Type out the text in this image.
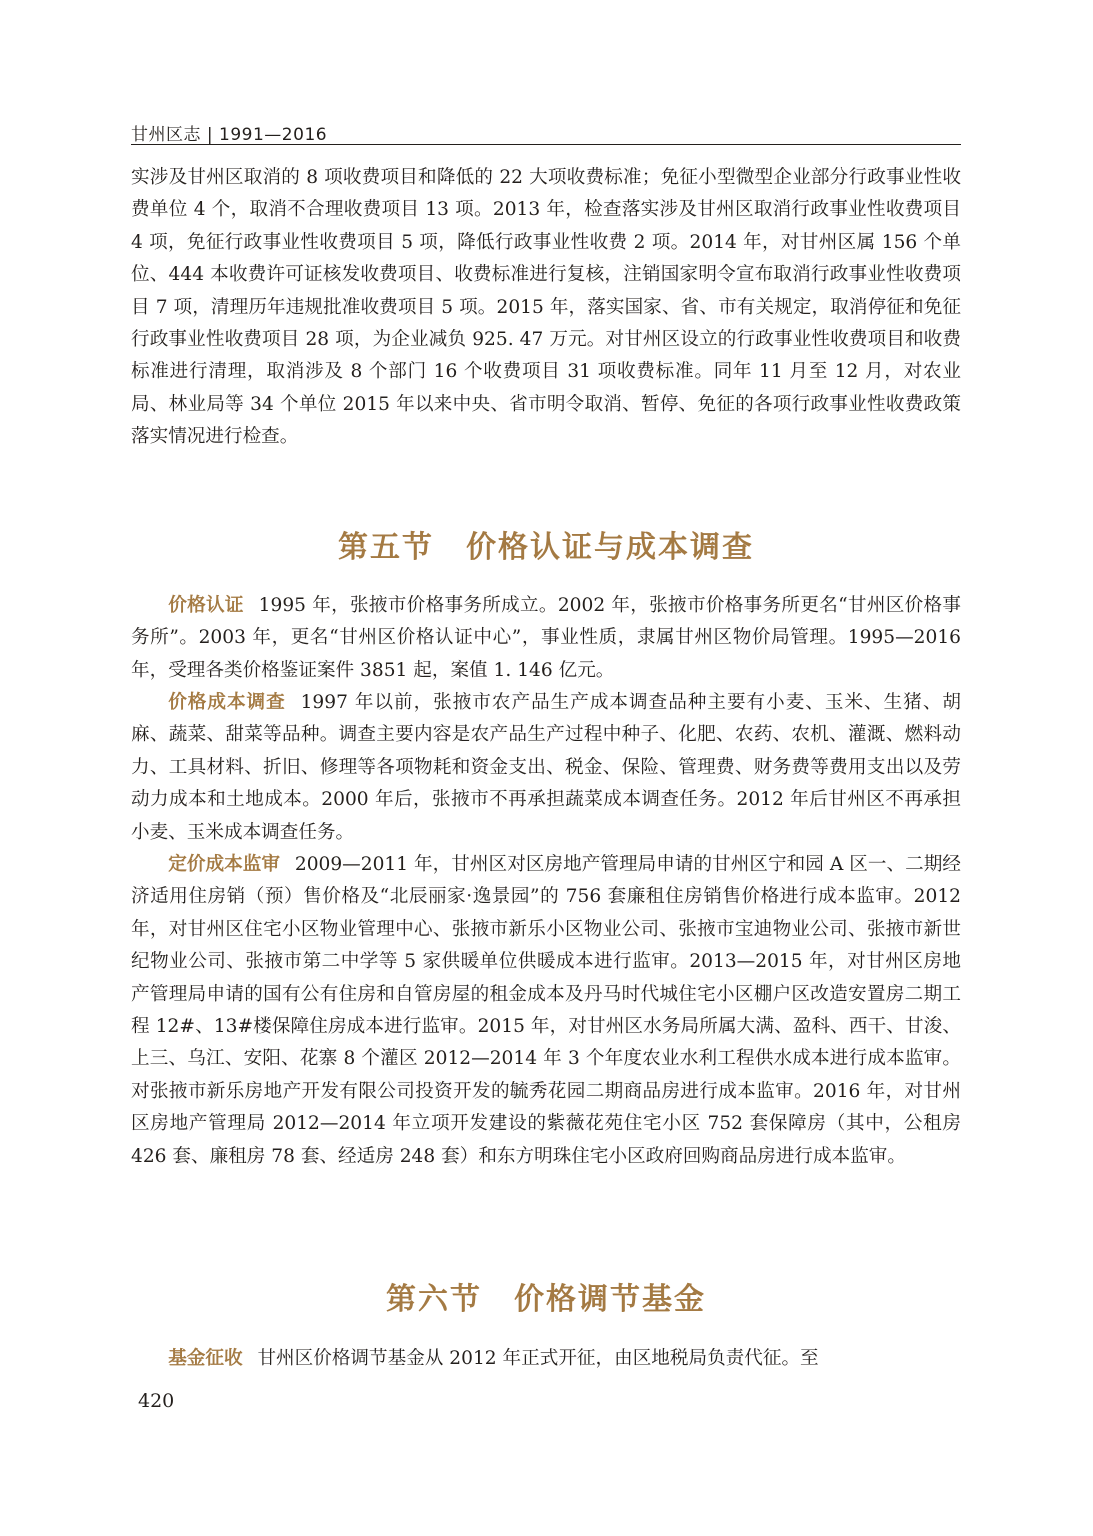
甘州区志 | 1991—2016

实涉及甘州区取消的 8 项收费项目和降低的 22 大项收费标准；免征小型微型企业部分行政事业性收费单位 4 个，取消不合理收费项目 13 项。2013 年，检查落实涉及甘州区取消行政事业性收费项目 4 项，免征行政事业性收费项目 5 项，降低行政事业性收费 2 项。2014 年，对甘州区属 156 个单位、444 本收费许可证核发收费项目、收费标准进行复核，注销国家明令宣布取消行政事业性收费项目 7 项，清理历年违规批准收费项目 5 项。2015 年，落实国家、省、市有关规定，取消停征和免征行政事业性收费项目 28 项，为企业减负 925. 47 万元。对甘州区设立的行政事业性收费项目和收费标准进行清理，取消涉及 8 个部门 16 个收费项目 31 项收费标准。同年 11 月至 12 月，对农业局、林业局等 34 个单位 2015 年以来中央、省市明令取消、暂停、免征的各项行政事业性收费政策落实情况进行检查。

第五节　价格认证与成本调查

价格认证 1995 年，张掖市价格事务所成立。2002 年，张掖市价格事务所更名“甘州区价格事务所”。2003 年，更名“甘州区价格认证中心”，事业性质，隶属甘州区物价局管理。1995—2016 年，受理各类价格鉴证案件 3851 起，案值 1. 146 亿元。

价格成本调查 1997 年以前，张掖市农产品生产成本调查品种主要有小麦、玉米、生猪、胡麻、蔬菜、甜菜等品种。调查主要内容是农产品生产过程中种子、化肥、农药、农机、灌溉、燃料动力、工具材料、折旧、修理等各项物耗和资金支出、税金、保险、管理费、财务费等费用支出以及劳动力成本和土地成本。2000 年后，张掖市不再承担蔬菜成本调查任务。2012 年后甘州区不再承担小麦、玉米成本调查任务。

定价成本监审 2009—2011 年，甘州区对区房地产管理局申请的甘州区宁和园 A 区一、二期经济适用住房销（预）售价格及“北辰丽家·逸景园”的 756 套廉租住房销售价格进行成本监审。2012 年，对甘州区住宅小区物业管理中心、张掖市新乐小区物业公司、张掖市宝迪物业公司、张掖市新世纪物业公司、张掖市第二中学等 5 家供暖单位供暖成本进行监审。2013—2015 年，对甘州区房地产管理局申请的国有公有住房和自管房屋的租金成本及丹马时代城住宅小区棚户区改造安置房二期工程 12#、13#楼保障住房成本进行监审。2015 年，对甘州区水务局所属大满、盈科、西干、甘浚、上三、乌江、安阳、花寨 8 个灌区 2012—2014 年 3 个年度农业水利工程供水成本进行成本监审。对张掖市新乐房地产开发有限公司投资开发的毓秀花园二期商品房进行成本监审。2016 年，对甘州区房地产管理局 2012—2014 年立项开发建设的紫薇花苑住宅小区 752 套保障房（其中，公租房 426 套、廉租房 78 套、经适房 248 套）和东方明珠住宅小区政府回购商品房进行成本监审。

第六节　价格调节基金

基金征收 甘州区价格调节基金从 2012 年正式开征，由区地税局负责代征。至

420
